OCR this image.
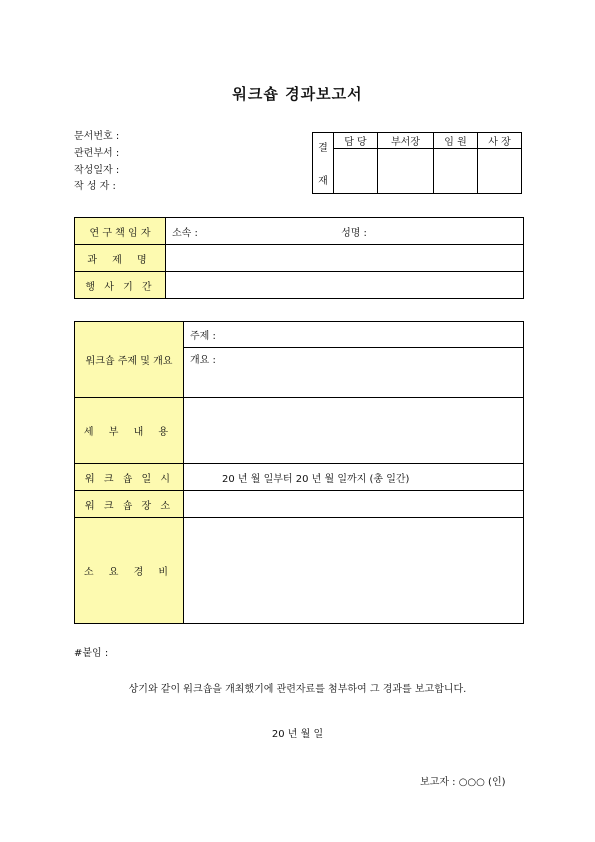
워크숍 경과보고서
문서번호 :
관련부서 :
작성일자 :
작 성 자 :
결
재	담 당	부서장	임 원	사 장

연 구 책 임 자	소속 : 성명 :
과 제 명	
행 사 기 간	
워크숍 주제 및 개요	주제 :
	개요 :
세 부 내 용	
워 크 숍 일 시	20 년 월 일부터 20 년 월 일까지 (총 일간)
워 크 숍 장 소	
소 요 경 비	
#붙임 :
상기와 같이 워크숍을 개최했기에 관련자료를 첨부하여 그 경과를 보고합니다.
20 년 월 일
보고자 : ○○○ (인)
